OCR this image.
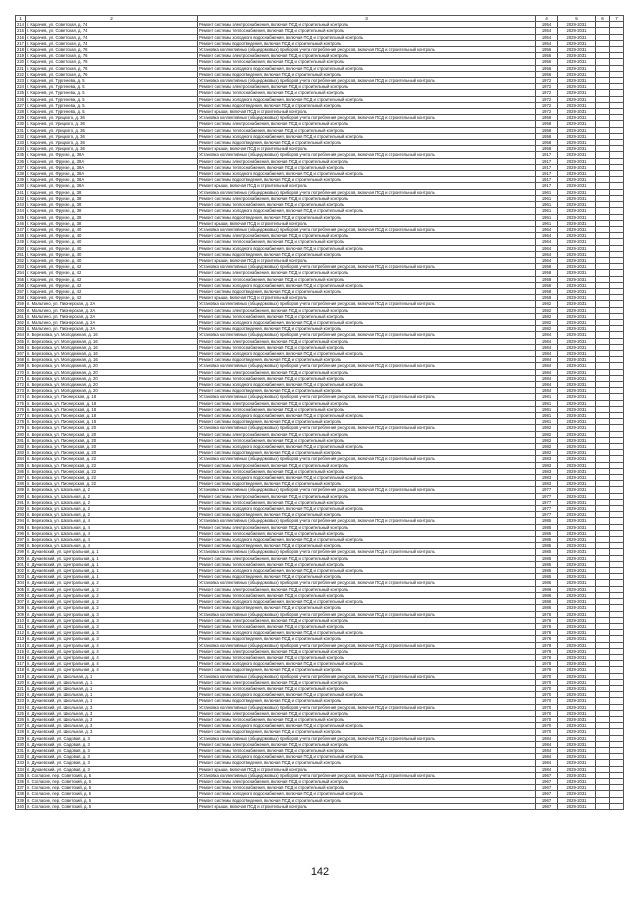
1	2	3	4	5	6	7
214	г. Карачев, ул. Советская, д. 74	Ремонт системы электроснабжения, включая ПСД и строительный контроль	1954	2029-2031		
215	г. Карачев, ул. Советская, д. 74	Ремонт системы теплоснабжения, включая ПСД и строительный контроль	1954	2029-2031		
216	г. Карачев, ул. Советская, д. 74	Ремонт системы холодного водоснабжения, включая ПСД и строительный контроль	1954	2029-2031		
217	г. Карачев, ул. Советская, д. 74	Ремонт системы водоотведения, включая ПСД и строительный контроль	1954	2029-2031		
218	г. Карачев, ул. Советская, д. 76	Установка коллективных (общедомовых) приборов учета потребления ресурсов, включая ПСД и строительный контроль	1956	2029-2031		
219	г. Карачев, ул. Советская, д. 76	Ремонт системы электроснабжения, включая ПСД и строительный контроль	1956	2029-2031		
220	г. Карачев, ул. Советская, д. 76	Ремонт системы теплоснабжения, включая ПСД и строительный контроль	1956	2029-2031		
221	г. Карачев, ул. Советская, д. 76	Ремонт системы холодного водоснабжения, включая ПСД и строительный контроль	1956	2029-2031		
222	г. Карачев, ул. Советская, д. 76	Ремонт системы водоотведения, включая ПСД и строительный контроль	1956	2029-2031		
223	г. Карачев, ул. Тургенева, д. 5	Установка коллективных (общедомовых) приборов учета потребления ресурсов, включая ПСД и строительный контроль	1972	2029-2031		
224	г. Карачев, ул. Тургенева, д. 5	Ремонт системы электроснабжения, включая ПСД и строительный контроль	1972	2029-2031		
225	г. Карачев, ул. Тургенева, д. 5	Ремонт системы теплоснабжения, включая ПСД и строительный контроль	1972	2029-2031		
226	г. Карачев, ул. Тургенева, д. 5	Ремонт системы холодного водоснабжения, включая ПСД и строительный контроль	1972	2029-2031		
227	г. Карачев, ул. Тургенева, д. 5	Ремонт системы водоотведения, включая ПСД и строительный контроль	1972	2029-2031		
228	г. Карачев, ул. Тургенева, д. 5	Ремонт крыши, включая ПСД и строительный контроль	1972	2029-2031		
229	г. Карачев, ул. Урицкого, д. 36	Установка коллективных (общедомовых) приборов учета потребления ресурсов, включая ПСД и строительный контроль	1958	2029-2031		
230	г. Карачев, ул. Урицкого, д. 36	Ремонт системы электроснабжения, включая ПСД и строительный контроль	1958	2029-2031		
231	г. Карачев, ул. Урицкого, д. 36	Ремонт системы теплоснабжения, включая ПСД и строительный контроль	1958	2029-2031		
232	г. Карачев, ул. Урицкого, д. 36	Ремонт системы холодного водоснабжения, включая ПСД и строительный контроль	1958	2029-2031		
233	г. Карачев, ул. Урицкого, д. 36	Ремонт системы водоотведения, включая ПСД и строительный контроль	1958	2029-2031		
234	г. Карачев, ул. Урицкого, д. 36	Ремонт крыши, включая ПСД и строительный контроль	1958	2029-2031		
235	г. Карачев, ул. Фрунзе, д. 38А	Установка коллективных (общедомовых) приборов учета потребления ресурсов, включая ПСД и строительный контроль	1917	2029-2031		
236	г. Карачев, ул. Фрунзе, д. 38А	Ремонт системы электроснабжения, включая ПСД и строительный контроль	1917	2029-2031		
237	г. Карачев, ул. Фрунзе, д. 38А	Ремонт системы теплоснабжения, включая ПСД и строительный контроль	1917	2029-2031		
238	г. Карачев, ул. Фрунзе, д. 38А	Ремонт системы холодного водоснабжения, включая ПСД и строительный контроль	1917	2029-2031		
239	г. Карачев, ул. Фрунзе, д. 38А	Ремонт системы водоотведения, включая ПСД и строительный контроль	1917	2029-2031		
240	г. Карачев, ул. Фрунзе, д. 38А	Ремонт крыши, включая ПСД и строительный контроль	1917	2029-2031		
241	г. Карачев, ул. Фрунзе, д. 38	Установка коллективных (общедомовых) приборов учета потребления ресурсов, включая ПСД и строительный контроль	1961	2029-2031		
242	г. Карачев, ул. Фрунзе, д. 38	Ремонт системы электроснабжения, включая ПСД и строительный контроль	1961	2029-2031		
243	г. Карачев, ул. Фрунзе, д. 38	Ремонт системы теплоснабжения, включая ПСД и строительный контроль	1961	2029-2031		
244	г. Карачев, ул. Фрунзе, д. 38	Ремонт системы холодного водоснабжения, включая ПСД и строительный контроль	1961	2029-2031		
245	г. Карачев, ул. Фрунзе, д. 38	Ремонт системы водоотведения, включая ПСД и строительный контроль	1961	2029-2031		
246	г. Карачев, ул. Фрунзе, д. 38	Ремонт крыши, включая ПСД и строительный контроль	1961	2029-2031		
247	г. Карачев, ул. Фрунзе, д. 40	Установка коллективных (общедомовых) приборов учета потребления ресурсов, включая ПСД и строительный контроль	1964	2029-2031		
248	г. Карачев, ул. Фрунзе, д. 40	Ремонт системы электроснабжения, включая ПСД и строительный контроль	1964	2029-2031		
249	г. Карачев, ул. Фрунзе, д. 40	Ремонт системы теплоснабжения, включая ПСД и строительный контроль	1964	2029-2031		
250	г. Карачев, ул. Фрунзе, д. 40	Ремонт системы холодного водоснабжения, включая ПСД и строительный контроль	1964	2029-2031		
251	г. Карачев, ул. Фрунзе, д. 40	Ремонт системы водоотведения, включая ПСД и строительный контроль	1964	2029-2031		
252	г. Карачев, ул. Фрунзе, д. 40	Ремонт крыши, включая ПСД и строительный контроль	1964	2029-2031		
253	г. Карачев, ул. Фрунзе, д. 42	Установка коллективных (общедомовых) приборов учета потребления ресурсов, включая ПСД и строительный контроль	1958	2029-2031		
254	г. Карачев, ул. Фрунзе, д. 42	Ремонт системы электроснабжения, включая ПСД и строительный контроль	1958	2029-2031		
255	г. Карачев, ул. Фрунзе, д. 42	Ремонт системы теплоснабжения, включая ПСД и строительный контроль	1958	2029-2031		
256	г. Карачев, ул. Фрунзе, д. 42	Ремонт системы холодного водоснабжения, включая ПСД и строительный контроль	1958	2029-2031		
257	г. Карачев, ул. Фрунзе, д. 42	Ремонт системы водоотведения, включая ПСД и строительный контроль	1958	2029-2031		
258	г. Карачев, ул. Фрунзе, д. 42	Ремонт крыши, включая ПСД и строительный контроль	1958	2029-2031		
259	п. Мальтино, ул. Пионерская, д. 2А	Установка коллективных (общедомовых) приборов учета потребления ресурсов, включая ПСД и строительный контроль	1982	2029-2031		
260	п. Мальтино, ул. Пионерская, д. 2А	Ремонт системы электроснабжения, включая ПСД и строительный контроль	1982	2029-2031		
261	п. Мальтино, ул. Пионерская, д. 2А	Ремонт системы теплоснабжения, включая ПСД и строительный контроль	1982	2029-2031		
262	п. Мальтино, ул. Пионерская, д. 2А	Ремонт системы холодного водоснабжения, включая ПСД и строительный контроль	1982	2029-2031		
263	п. Мальтино, ул. Пионерская, д. 2А	Ремонт системы водоотведения, включая ПСД и строительный контроль	1982	2029-2031		
264	п. Березовка, ул. Молодежная, д. 16	Установка коллективных (общедомовых) приборов учета потребления ресурсов, включая ПСД и строительный контроль	1984	2029-2031		
265	п. Березовка, ул. Молодежная, д. 16	Ремонт системы электроснабжения, включая ПСД и строительный контроль	1984	2029-2031		
266	п. Березовка, ул. Молодежная, д. 16	Ремонт системы теплоснабжения, включая ПСД и строительный контроль	1984	2029-2031		
267	п. Березовка, ул. Молодежная, д. 16	Ремонт системы холодного водоснабжения, включая ПСД и строительный контроль	1984	2029-2031		
268	п. Березовка, ул. Молодежная, д. 16	Ремонт системы водоотведения, включая ПСД и строительный контроль	1984	2029-2031		
269	п. Березовка, ул. Молодежная, д. 20	Установка коллективных (общедомовых) приборов учета потребления ресурсов, включая ПСД и строительный контроль	1984	2029-2031		
270	п. Березовка, ул. Молодежная, д. 20	Ремонт системы электроснабжения, включая ПСД и строительный контроль	1984	2029-2031		
271	п. Березовка, ул. Молодежная, д. 20	Ремонт системы теплоснабжения, включая ПСД и строительный контроль	1984	2029-2031		
272	п. Березовка, ул. Молодежная, д. 20	Ремонт системы холодного водоснабжения, включая ПСД и строительный контроль	1984	2029-2031		
273	п. Березовка, ул. Молодежная, д. 20	Ремонт системы водоотведения, включая ПСД и строительный контроль	1984	2029-2031		
274	п. Березовка, ул. Пионерская, д. 18	Установка коллективных (общедомовых) приборов учета потребления ресурсов, включая ПСД и строительный контроль	1981	2029-2031		
275	п. Березовка, ул. Пионерская, д. 18	Ремонт системы электроснабжения, включая ПСД и строительный контроль	1981	2029-2031		
276	п. Березовка, ул. Пионерская, д. 18	Ремонт системы теплоснабжения, включая ПСД и строительный контроль	1981	2029-2031		
277	п. Березовка, ул. Пионерская, д. 18	Ремонт системы холодного водоснабжения, включая ПСД и строительный контроль	1981	2029-2031		
278	п. Березовка, ул. Пионерская, д. 18	Ремонт системы водоотведения, включая ПСД и строительный контроль	1981	2029-2031		
279	п. Березовка, ул. Пионерская, д. 20	Установка коллективных (общедомовых) приборов учета потребления ресурсов, включая ПСД и строительный контроль	1982	2029-2031		
280	п. Березовка, ул. Пионерская, д. 20	Ремонт системы электроснабжения, включая ПСД и строительный контроль	1982	2029-2031		
281	п. Березовка, ул. Пионерская, д. 20	Ремонт системы теплоснабжения, включая ПСД и строительный контроль	1982	2029-2031		
282	п. Березовка, ул. Пионерская, д. 20	Ремонт системы холодного водоснабжения, включая ПСД и строительный контроль	1982	2029-2031		
283	п. Березовка, ул. Пионерская, д. 20	Ремонт системы водоотведения, включая ПСД и строительный контроль	1982	2029-2031		
284	п. Березовка, ул. Пионерская, д. 22	Установка коллективных (общедомовых) приборов учета потребления ресурсов, включая ПСД и строительный контроль	1983	2029-2031		
285	п. Березовка, ул. Пионерская, д. 22	Ремонт системы электроснабжения, включая ПСД и строительный контроль	1983	2029-2031		
286	п. Березовка, ул. Пионерская, д. 22	Ремонт системы теплоснабжения, включая ПСД и строительный контроль	1983	2029-2031		
287	п. Березовка, ул. Пионерская, д. 22	Ремонт системы холодного водоснабжения, включая ПСД и строительный контроль	1983	2029-2031		
288	п. Березовка, ул. Пионерская, д. 22	Ремонт системы водоотведения, включая ПСД и строительный контроль	1983	2029-2031		
289	п. Березовка, ул. Школьная, д. 2	Установка коллективных (общедомовых) приборов учета потребления ресурсов, включая ПСД и строительный контроль	1977	2029-2031		
290	п. Березовка, ул. Школьная, д. 2	Ремонт системы электроснабжения, включая ПСД и строительный контроль	1977	2029-2031		
291	п. Березовка, ул. Школьная, д. 2	Ремонт системы теплоснабжения, включая ПСД и строительный контроль	1977	2029-2031		
292	п. Березовка, ул. Школьная, д. 2	Ремонт системы холодного водоснабжения, включая ПСД и строительный контроль	1977	2029-2031		
293	п. Березовка, ул. Школьная, д. 2	Ремонт системы водоотведения, включая ПСД и строительный контроль	1977	2029-2031		
294	п. Березовка, ул. Школьная, д. 4	Установка коллективных (общедомовых) приборов учета потребления ресурсов, включая ПСД и строительный контроль	1985	2029-2031		
295	п. Березовка, ул. Школьная, д. 4	Ремонт системы электроснабжения, включая ПСД и строительный контроль	1985	2029-2031		
296	п. Березовка, ул. Школьная, д. 4	Ремонт системы теплоснабжения, включая ПСД и строительный контроль	1985	2029-2031		
297	п. Березовка, ул. Школьная, д. 4	Ремонт системы холодного водоснабжения, включая ПСД и строительный контроль	1985	2029-2031		
298	п. Березовка, ул. Школьная, д. 4	Ремонт системы водоотведения, включая ПСД и строительный контроль	1985	2029-2031		
299	п. Дунаевский, ул. Центральная, д. 1	Установка коллективных (общедомовых) приборов учета потребления ресурсов, включая ПСД и строительный контроль	1985	2029-2031		
300	п. Дунаевский, ул. Центральная, д. 1	Ремонт системы электроснабжения, включая ПСД и строительный контроль	1985	2029-2031		
301	п. Дунаевский, ул. Центральная, д. 1	Ремонт системы теплоснабжения, включая ПСД и строительный контроль	1985	2029-2031		
302	п. Дунаевский, ул. Центральная, д. 1	Ремонт системы холодного водоснабжения, включая ПСД и строительный контроль	1985	2029-2031		
303	п. Дунаевский, ул. Центральная, д. 1	Ремонт системы водоотведения, включая ПСД и строительный контроль	1985	2029-2031		
304	п. Дунаевский, ул. Центральная, д. 2	Установка коллективных (общедомовых) приборов учета потребления ресурсов, включая ПСД и строительный контроль	1986	2029-2031		
305	п. Дунаевский, ул. Центральная, д. 2	Ремонт системы электроснабжения, включая ПСД и строительный контроль	1986	2029-2031		
306	п. Дунаевский, ул. Центральная, д. 2	Ремонт системы теплоснабжения, включая ПСД и строительный контроль	1986	2029-2031		
307	п. Дунаевский, ул. Центральная, д. 2	Ремонт системы холодного водоснабжения, включая ПСД и строительный контроль	1986	2029-2031		
308	п. Дунаевский, ул. Центральная, д. 2	Ремонт системы водоотведения, включая ПСД и строительный контроль	1986	2029-2031		
309	п. Дунаевский, ул. Центральная, д. 3	Установка коллективных (общедомовых) приборов учета потребления ресурсов, включая ПСД и строительный контроль	1976	2029-2031		
310	п. Дунаевский, ул. Центральная, д. 3	Ремонт системы электроснабжения, включая ПСД и строительный контроль	1976	2029-2031		
311	п. Дунаевский, ул. Центральная, д. 3	Ремонт системы теплоснабжения, включая ПСД и строительный контроль	1976	2029-2031		
312	п. Дунаевский, ул. Центральная, д. 3	Ремонт системы холодного водоснабжения, включая ПСД и строительный контроль	1976	2029-2031		
313	п. Дунаевский, ул. Центральная, д. 3	Ремонт системы водоотведения, включая ПСД и строительный контроль	1976	2029-2031		
314	п. Дунаевский, ул. Центральная, д. 4	Установка коллективных (общедомовых) приборов учета потребления ресурсов, включая ПСД и строительный контроль	1978	2029-2031		
315	п. Дунаевский, ул. Центральная, д. 4	Ремонт системы электроснабжения, включая ПСД и строительный контроль	1978	2029-2031		
316	п. Дунаевский, ул. Центральная, д. 4	Ремонт системы теплоснабжения, включая ПСД и строительный контроль	1978	2029-2031		
317	п. Дунаевский, ул. Центральная, д. 4	Ремонт системы холодного водоснабжения, включая ПСД и строительный контроль	1978	2029-2031		
318	п. Дунаевский, ул. Центральная, д. 4	Ремонт системы водоотведения, включая ПСД и строительный контроль	1978	2029-2031		
319	п. Дунаевский, ул. Школьная, д. 1	Установка коллективных (общедомовых) приборов учета потребления ресурсов, включая ПСД и строительный контроль	1970	2029-2031		
320	п. Дунаевский, ул. Школьная, д. 1	Ремонт системы электроснабжения, включая ПСД и строительный контроль	1970	2029-2031		
321	п. Дунаевский, ул. Школьная, д. 1	Ремонт системы теплоснабжения, включая ПСД и строительный контроль	1970	2029-2031		
322	п. Дунаевский, ул. Школьная, д. 1	Ремонт системы холодного водоснабжения, включая ПСД и строительный контроль	1970	2029-2031		
323	п. Дунаевский, ул. Школьная, д. 1	Ремонт системы водоотведения, включая ПСД и строительный контроль	1970	2029-2031		
324	п. Дунаевский, ул. Школьная, д. 3	Установка коллективных (общедомовых) приборов учета потребления ресурсов, включая ПСД и строительный контроль	1970	2029-2031		
325	п. Дунаевский, ул. Школьная, д. 3	Ремонт системы электроснабжения, включая ПСД и строительный контроль	1970	2029-2031		
326	п. Дунаевский, ул. Школьная, д. 3	Ремонт системы теплоснабжения, включая ПСД и строительный контроль	1970	2029-2031		
327	п. Дунаевский, ул. Школьная, д. 3	Ремонт системы холодного водоснабжения, включая ПСД и строительный контроль	1970	2029-2031		
328	п. Дунаевский, ул. Школьная, д. 3	Ремонт системы водоотведения, включая ПСД и строительный контроль	1970	2029-2031		
329	п. Дунаевский, ул. Садовая, д. 3	Установка коллективных (общедомовых) приборов учета потребления ресурсов, включая ПСД и строительный контроль	1984	2029-2031		
330	п. Дунаевский, ул. Садовая, д. 3	Ремонт системы электроснабжения, включая ПСД и строительный контроль	1984	2029-2031		
331	п. Дунаевский, ул. Садовая, д. 3	Ремонт системы теплоснабжения, включая ПСД и строительный контроль	1984	2029-2031		
332	п. Дунаевский, ул. Садовая, д. 3	Ремонт системы холодного водоснабжения, включая ПСД и строительный контроль	1984	2029-2031		
333	п. Дунаевский, ул. Садовая, д. 3	Ремонт системы водоотведения, включая ПСД и строительный контроль	1984	2029-2031		
334	п. Дунаевский, ул. Садовая, д. 3	Ремонт крыши, включая ПСД и строительный контроль	1984	2029-2031		
335	п. Согласие, пер. Советский, д. 5	Установка коллективных (общедомовых) приборов учета потребления ресурсов, включая ПСД и строительный контроль	1967	2029-2031		
336	п. Согласие, пер. Советский, д. 5	Ремонт системы электроснабжения, включая ПСД и строительный контроль	1967	2029-2031		
337	п. Согласие, пер. Советский, д. 5	Ремонт системы теплоснабжения, включая ПСД и строительный контроль	1967	2029-2031		
338	п. Согласие, пер. Советский, д. 5	Ремонт системы холодного водоснабжения, включая ПСД и строительный контроль	1967	2029-2031		
339	п. Согласие, пер. Советский, д. 5	Ремонт системы водоотведения, включая ПСД и строительный контроль	1967	2029-2031		
340	п. Согласие, пер. Советский, д. 5	Ремонт крыши, включая ПСД и строительный контроль	1967	2029-2031		
142
